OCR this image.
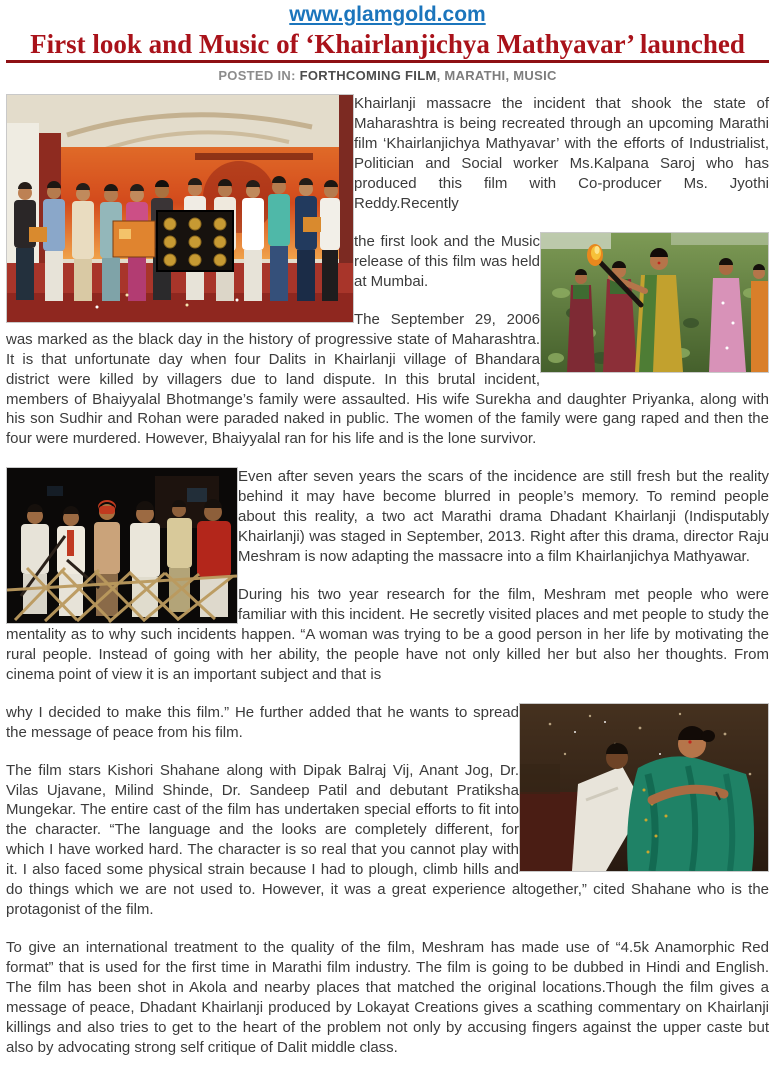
www.glamgold.com
First look and Music of ‘Khairlanjichya Mathyavar’ launched
POSTED IN: FORTHCOMING FILM, MARATHI, MUSIC

Khairlanji massacre the incident that shook the state of Maharashtra is being recreated through an upcoming Marathi film ‘Khairlanjichya Mathyavar’ with the efforts of Industrialist, Politician and Social worker Ms.Kalpana Saroj who has produced this film with Co-producer Ms. Jyothi Reddy.Recently

the first look and the Music release of this film was held at Mumbai.

The September 29, 2006 was marked as the black day in the history of progressive state of Maharashtra. It is that unfortunate day when four Dalits in Khairlanji village of Bhandara district were killed by villagers due to land dispute. In this brutal incident, members of Bhaiyyalal Bhotmange’s family were assaulted. His wife Surekha and daughter Priyanka, along with his son Sudhir and Rohan were paraded naked in public. The women of the family were gang raped and then the four were murdered. However, Bhaiyyalal ran for his life and is the lone survivor.

Even after seven years the scars of the incidence are still fresh but the reality behind it may have become blurred in people’s memory. To remind people about this reality, a two act Marathi drama Dhadant Khairlanji (Indisputably Khairlanji) was staged in September, 2013. Right after this drama, director Raju Meshram is now adapting the massacre into a film Khairlanjichya Mathyawar.

During his two year research for the film, Meshram met people who were familiar with this incident. He secretly visited places and met people to study the mentality as to why such incidents happen. “A woman was trying to be a good person in her life by motivating the rural people. Instead of going with her ability, the people have not only killed her but also her thoughts. From cinema point of view it is an important subject and that is

why I decided to make this film.” He further added that he wants to spread the message of peace from his film.

The film stars Kishori Shahane along with Dipak Balraj Vij, Anant Jog, Dr. Vilas Ujavane, Milind Shinde, Dr. Sandeep Patil and debutant Pratiksha Mungekar. The entire cast of the film has undertaken special efforts to fit into the character. “The language and the looks are completely different, for which I have worked hard. The character is so real that you cannot play with it. I also faced some physical strain because I had to plough, climb hills and do things which we are not used to. However, it was a great experience altogether,” cited Shahane who is the protagonist of the film.

To give an international treatment to the quality of the film, Meshram has made use of “4.5k Anamorphic Red format” that is used for the first time in Marathi film industry. The film is going to be dubbed in Hindi and English. The film has been shot in Akola and nearby places that matched the original locations.Though the film gives a message of peace, Dhadant Khairlanji produced by Lokayat Creations gives a scathing commentary on Khairlanji killings and also tries to get to the heart of the problem not only by accusing fingers against the upper caste but also by advocating strong self critique of Dalit middle class.
